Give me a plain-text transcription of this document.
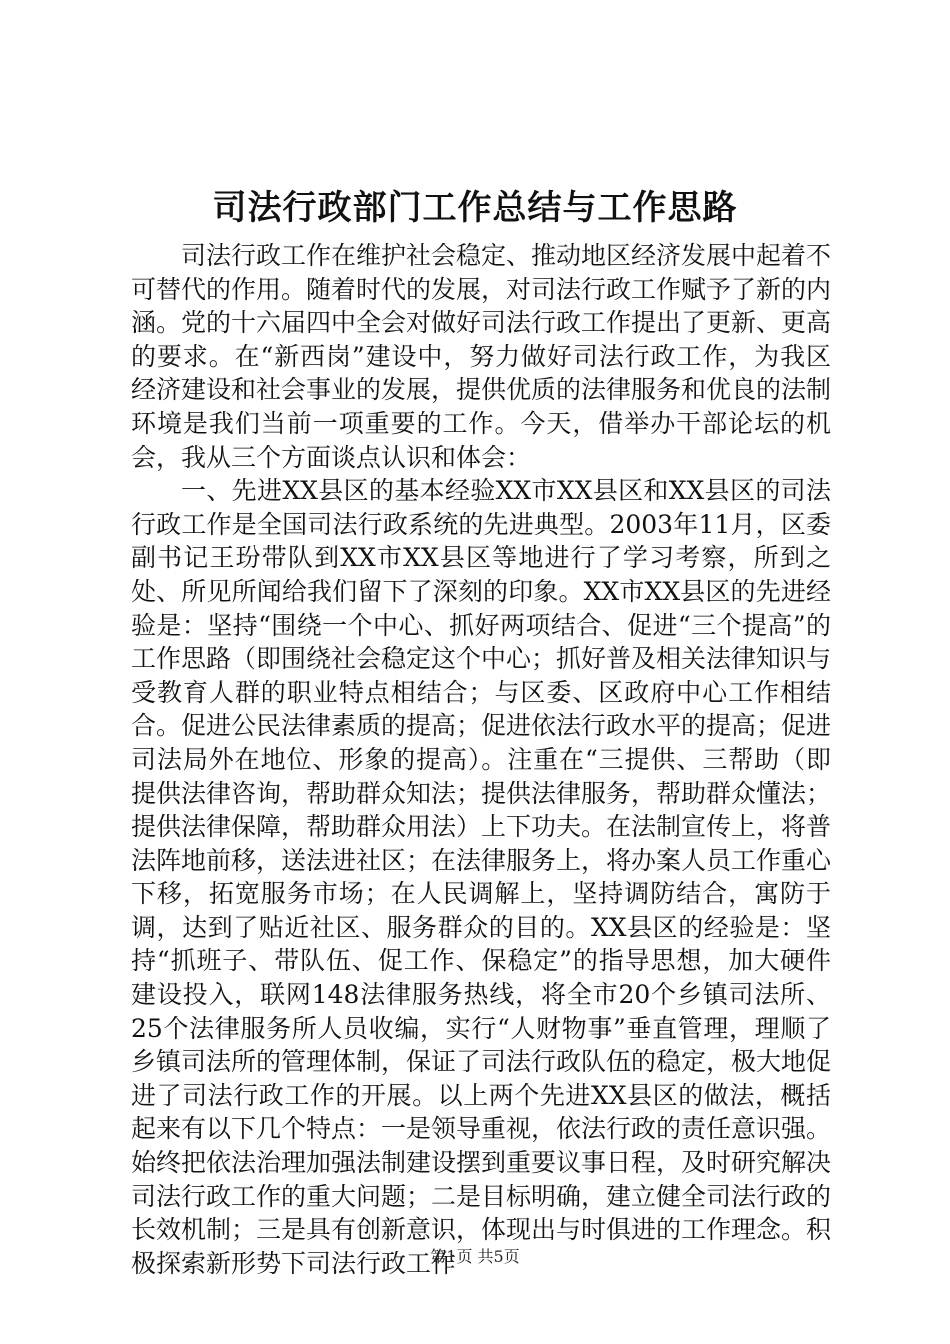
司法行政部门工作总结与工作思路

司法行政工作在维护社会稳定、推动地区经济发展中起着不可替代的作用。随着时代的发展，对司法行政工作赋予了新的内涵。党的十六届四中全会对做好司法行政工作提出了更新、更高的要求。在“新西岗”建设中，努力做好司法行政工作，为我区经济建设和社会事业的发展，提供优质的法律服务和优良的法制环境是我们当前一项重要的工作。今天，借举办干部论坛的机会，我从三个方面谈点认识和体会：

一、先进XX县区的基本经验XX市XX县区和XX县区的司法行政工作是全国司法行政系统的先进典型。2003年11月，区委副书记王玢带队到XX市XX县区等地进行了学习考察，所到之处、所见所闻给我们留下了深刻的印象。XX市XX县区的先进经验是：坚持“围绕一个中心、抓好两项结合、促进“三个提高”的工作思路（即围绕社会稳定这个中心；抓好普及相关法律知识与受教育人群的职业特点相结合；与区委、区政府中心工作相结合。促进公民法律素质的提高；促进依法行政水平的提高；促进司法局外在地位、形象的提高）。注重在“三提供、三帮助（即提供法律咨询，帮助群众知法；提供法律服务，帮助群众懂法；提供法律保障，帮助群众用法）上下功夫。在法制宣传上，将普法阵地前移，送法进社区；在法律服务上，将办案人员工作重心下移，拓宽服务市场；在人民调解上，坚持调防结合，寓防于调，达到了贴近社区、服务群众的目的。XX县区的经验是：坚持“抓班子、带队伍、促工作、保稳定”的指导思想，加大硬件建设投入，联网148法律服务热线，将全市20个乡镇司法所、25个法律服务所人员收编，实行“人财物事”垂直管理，理顺了乡镇司法所的管理体制，保证了司法行政队伍的稳定，极大地促进了司法行政工作的开展。以上两个先进XX县区的做法，概括起来有以下几个特点：一是领导重视，依法行政的责任意识强。始终把依法治理加强法制建设摆到重要议事日程，及时研究解决司法行政工作的重大问题；二是目标明确，建立健全司法行政的长效机制；三是具有创新意识，体现出与时俱进的工作理念。积极探索新形势下司法行政工作

第1页 共5页
